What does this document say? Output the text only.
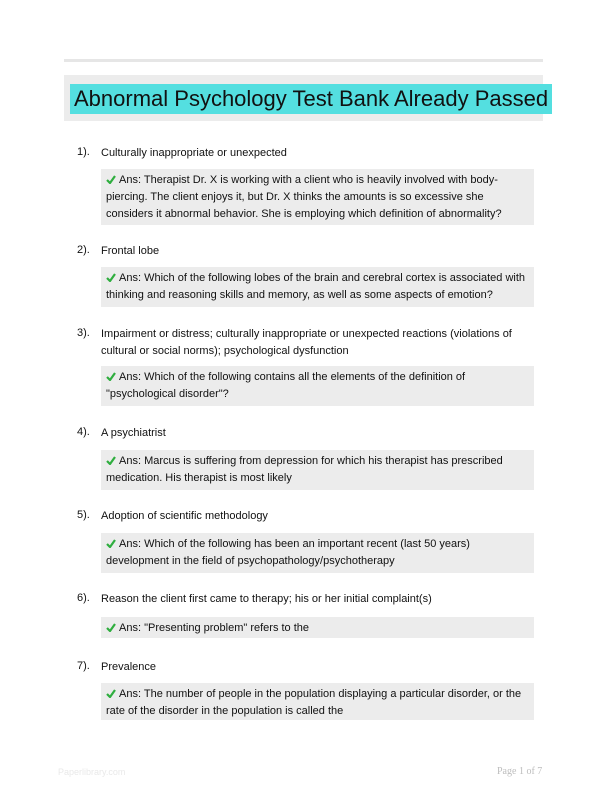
Abnormal Psychology Test Bank Already Passed
1). Culturally inappropriate or unexpected
Ans: Therapist Dr. X is working with a client who is heavily involved with body-piercing. The client enjoys it, but Dr. X thinks the amounts is so excessive she considers it abnormal behavior. She is employing which definition of abnormality?
2). Frontal lobe
Ans: Which of the following lobes of the brain and cerebral cortex is associated with thinking and reasoning skills and memory, as well as some aspects of emotion?
3). Impairment or distress; culturally inappropriate or unexpected reactions (violations of cultural or social norms); psychological dysfunction
Ans: Which of the following contains all the elements of the definition of "psychological disorder"?
4). A psychiatrist
Ans: Marcus is suffering from depression for which his therapist has prescribed medication. His therapist is most likely
5). Adoption of scientific methodology
Ans: Which of the following has been an important recent (last 50 years) development in the field of psychopathology/psychotherapy
6). Reason the client first came to therapy; his or her initial complaint(s)
Ans: "Presenting problem" refers to the
7). Prevalence
Ans: The number of people in the population displaying a particular disorder, or the rate of the disorder in the population is called the
Paperlibrary.com	Page 1 of 7
